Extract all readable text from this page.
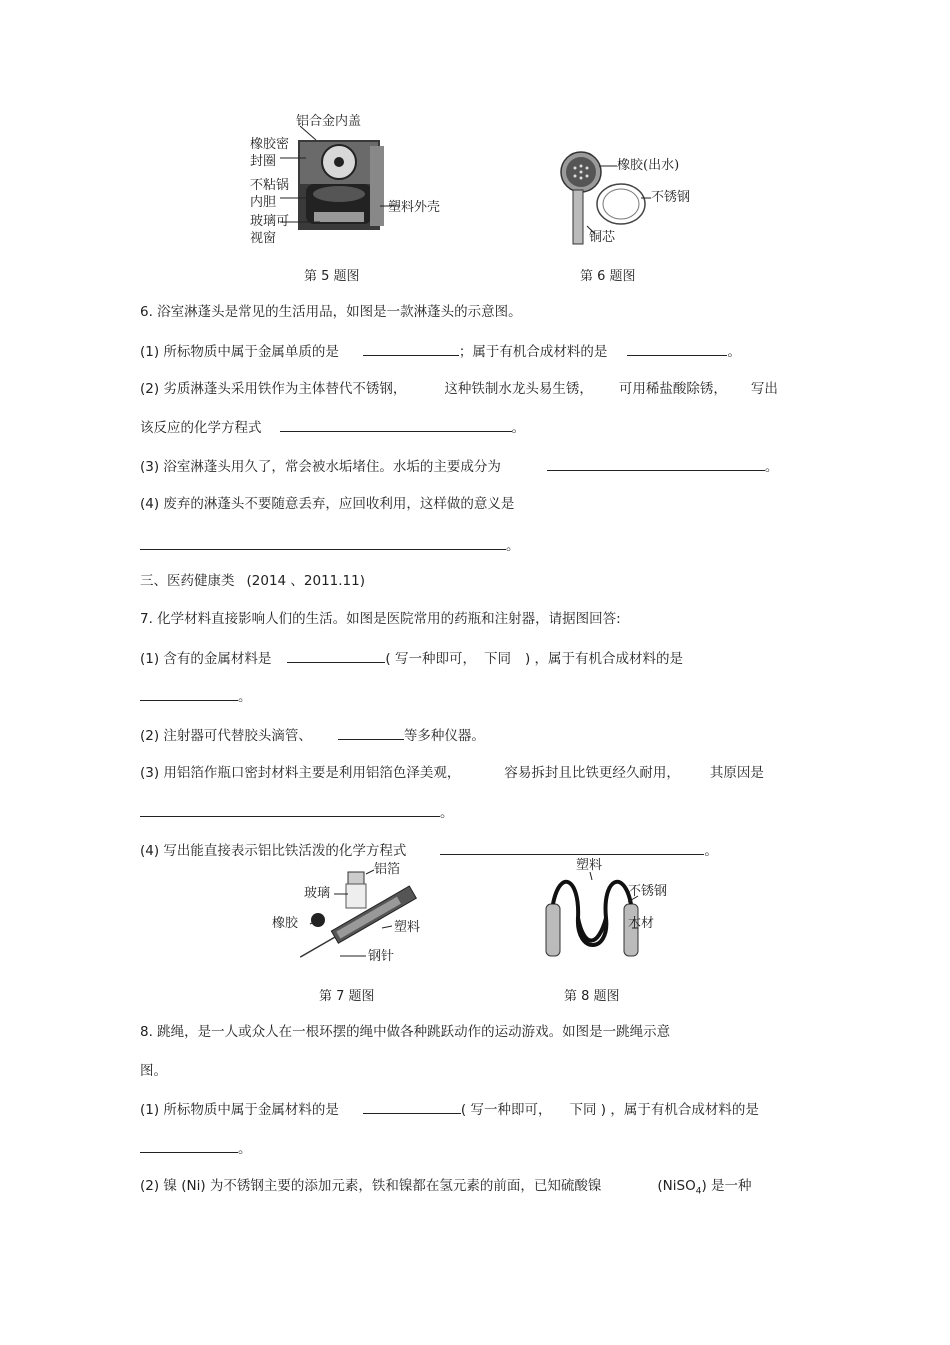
铝合金内盖
橡胶密
封圈
不粘锅
内胆
玻璃可
视窗
塑料外壳
第 5 题图
橡胶(出水)
不锈钢
铜芯
第 6 题图
6. 浴室淋蓬头是常见的生活用品，如图是一款淋蓬头的示意图。
(1) 所标物质中属于金属单质的是	；属于有机合成材料的是	。
(2) 劣质淋蓬头采用铁作为主体替代不锈钢，	这种铁制水龙头易生锈， 可用稀盐酸除锈， 写出
该反应的化学方程式	。
(3) 浴室淋蓬头用久了，常会被水垢堵住。水垢的主要成分为	。
(4) 废弃的淋蓬头不要随意丢弃，应回收利用，这样做的意义是
。
三、医药健康类 (2014 、2011.11)
7. 化学材料直接影响人们的生活。如图是医院常用的药瓶和注射器，请据图回答:
(1) 含有的金属材料是	( 写一种即可， 下同 ) ，属于有机合成材料的是
。
(2) 注射器可代替胶头滴管、	等多种仪器。
(3) 用铝箔作瓶口密封材料主要是利用铝箔色泽美观，	容易拆封且比铁更经久耐用， 其原因是
。
(4) 写出能直接表示铝比铁活泼的化学方程式	。
铝箔
玻璃
橡胶	塑料
钢针
第 7 题图
塑料
不锈钢
木材
第 8 题图
8. 跳绳，是一人或众人在一根环摆的绳中做各种跳跃动作的运动游戏。如图是一跳绳示意
图。
(1) 所标物质中属于金属材料的是	( 写一种即可， 下同 ) ，属于有机合成材料的是
。
(2) 镍 (Ni) 为不锈钢主要的添加元素，铁和镍都在氢元素的前面，已知硫酸镍	(NiSO$_4$) 是一种
